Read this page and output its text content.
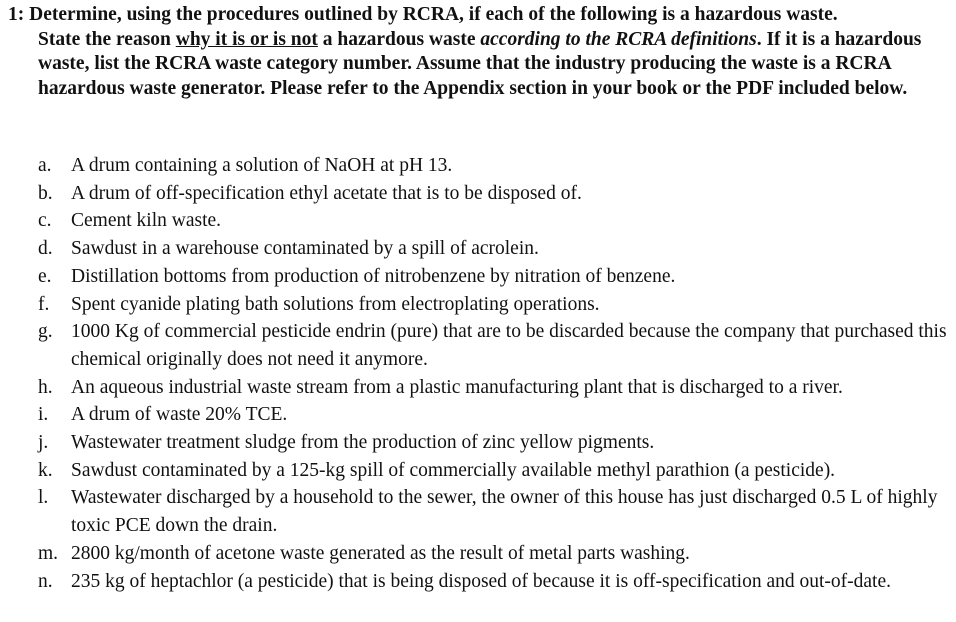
1: Determine, using the procedures outlined by RCRA, if each of the following is a hazardous waste.
State the reason why it is or is not a hazardous waste according to the RCRA definitions. If it is a hazardous waste, list the RCRA waste category number. Assume that the industry producing the waste is a RCRA hazardous waste generator. Please refer to the Appendix section in your book or the PDF included below.
a. A drum containing a solution of NaOH at pH 13.
b. A drum of off-specification ethyl acetate that is to be disposed of.
c. Cement kiln waste.
d. Sawdust in a warehouse contaminated by a spill of acrolein.
e. Distillation bottoms from production of nitrobenzene by nitration of benzene.
f. Spent cyanide plating bath solutions from electroplating operations.
g. 1000 Kg of commercial pesticide endrin (pure) that are to be discarded because the company that purchased this chemical originally does not need it anymore.
h. An aqueous industrial waste stream from a plastic manufacturing plant that is discharged to a river.
i. A drum of waste 20% TCE.
j. Wastewater treatment sludge from the production of zinc yellow pigments.
k. Sawdust contaminated by a 125-kg spill of commercially available methyl parathion (a pesticide).
l. Wastewater discharged by a household to the sewer, the owner of this house has just discharged 0.5 L of highly toxic PCE down the drain.
m. 2800 kg/month of acetone waste generated as the result of metal parts washing.
n. 235 kg of heptachlor (a pesticide) that is being disposed of because it is off-specification and out-of-date.
